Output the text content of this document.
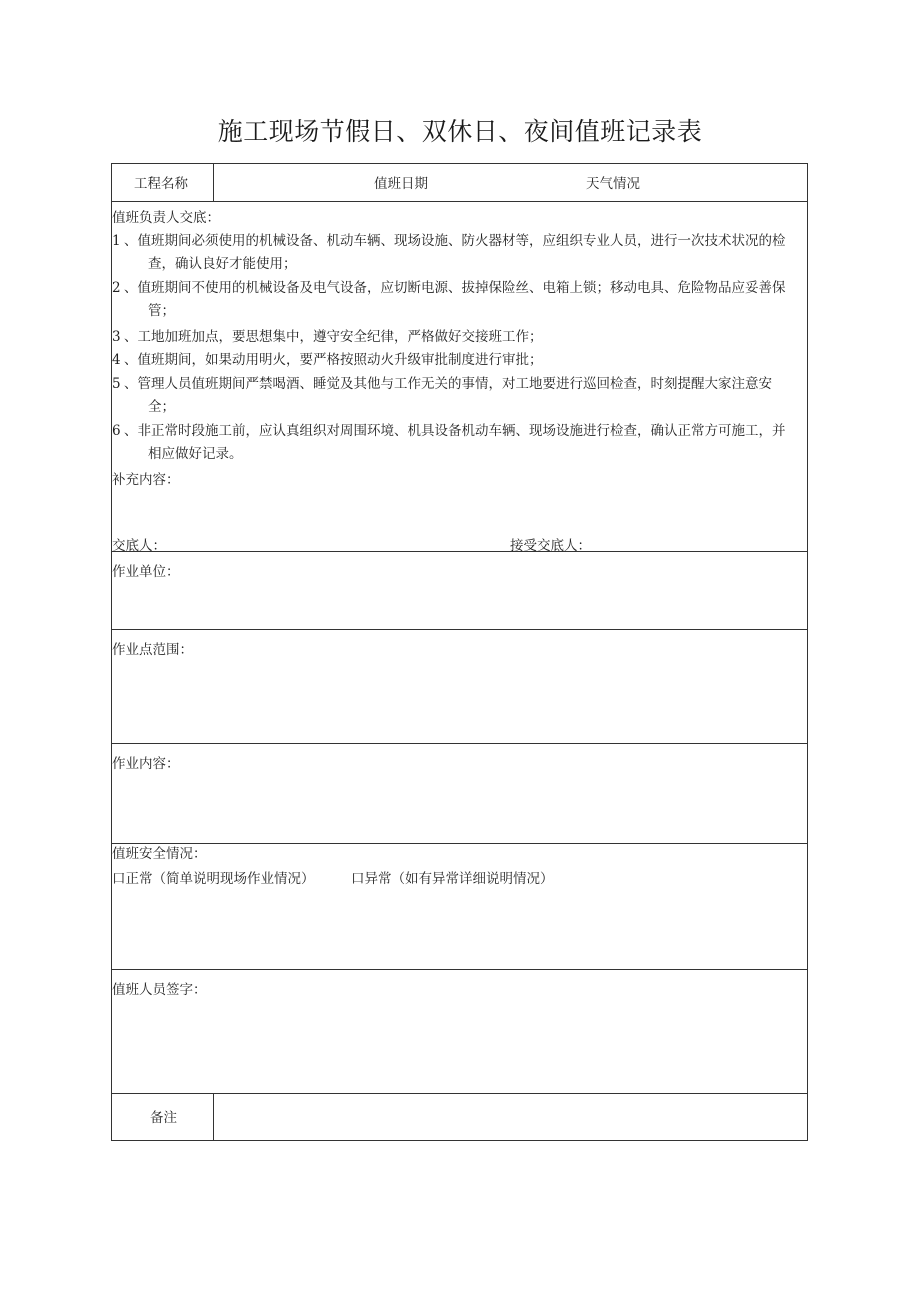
施工现场节假日、双休日、夜间值班记录表
工程名称	值班日期	天气情况
值班负责人交底：
1 、值班期间必须使用的机械设备、机动车辆、现场设施、防火器材等，应组织专业人员，进行一次技术状况的检
查，确认良好才能使用；
2 、值班期间不使用的机械设备及电气设备，应切断电源、拔掉保险丝、电箱上锁；移动电具、危险物品应妥善保
管；
3 、工地加班加点，要思想集中，遵守安全纪律，严格做好交接班工作；
4 、值班期间，如果动用明火，要严格按照动火升级审批制度进行审批；
5 、管理人员值班期间严禁喝酒、睡觉及其他与工作无关的事情，对工地要进行巡回检查，时刻提醒大家注意安
全；
6 、非正常时段施工前，应认真组织对周围环境、机具设备机动车辆、现场设施进行检查，确认正常方可施工，并
相应做好记录。
补充内容：
交底人：	接受交底人：
作业单位：
作业点范围：
作业内容：
值班安全情况：
口正常（简单说明现场作业情况）	口异常（如有异常详细说明情况）
值班人员签字：
备注
